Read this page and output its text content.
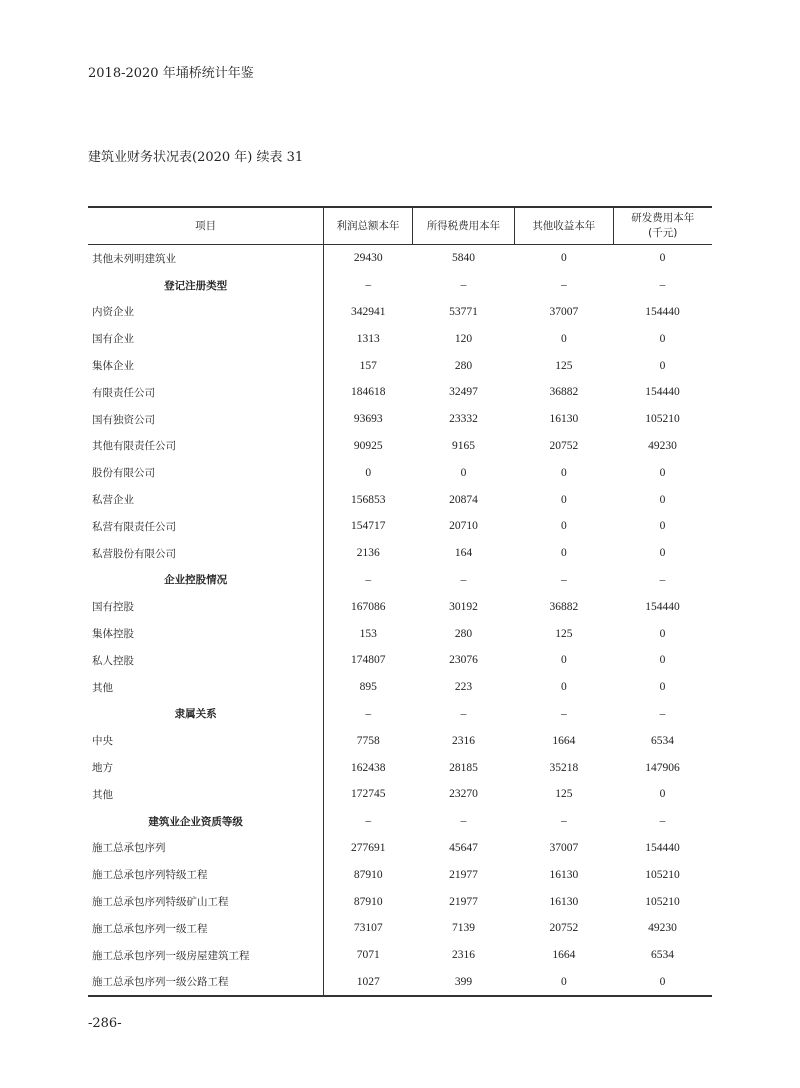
2018-2020 年埇桥统计年鉴
建筑业财务状况表(2020 年) 续表 31
项目	利润总额本年	所得税费用本年	其他收益本年	研发费用本年
(千元)
其他未列明建筑业	29430	5840	0	0
登记注册类型	–	–	–	–
内资企业	342941	53771	37007	154440
国有企业	1313	120	0	0
集体企业	157	280	125	0
有限责任公司	184618	32497	36882	154440
国有独资公司	93693	23332	16130	105210
其他有限责任公司	90925	9165	20752	49230
股份有限公司	0	0	0	0
私营企业	156853	20874	0	0
私营有限责任公司	154717	20710	0	0
私营股份有限公司	2136	164	0	0
企业控股情况	–	–	–	–
国有控股	167086	30192	36882	154440
集体控股	153	280	125	0
私人控股	174807	23076	0	0
其他	895	223	0	0
隶属关系	–	–	–	–
中央	7758	2316	1664	6534
地方	162438	28185	35218	147906
其他	172745	23270	125	0
建筑业企业资质等级	–	–	–	–
施工总承包序列	277691	45647	37007	154440
施工总承包序列特级工程	87910	21977	16130	105210
施工总承包序列特级矿山工程	87910	21977	16130	105210
施工总承包序列一级工程	73107	7139	20752	49230
施工总承包序列一级房屋建筑工程	7071	2316	1664	6534
施工总承包序列一级公路工程	1027	399	0	0
-286-
